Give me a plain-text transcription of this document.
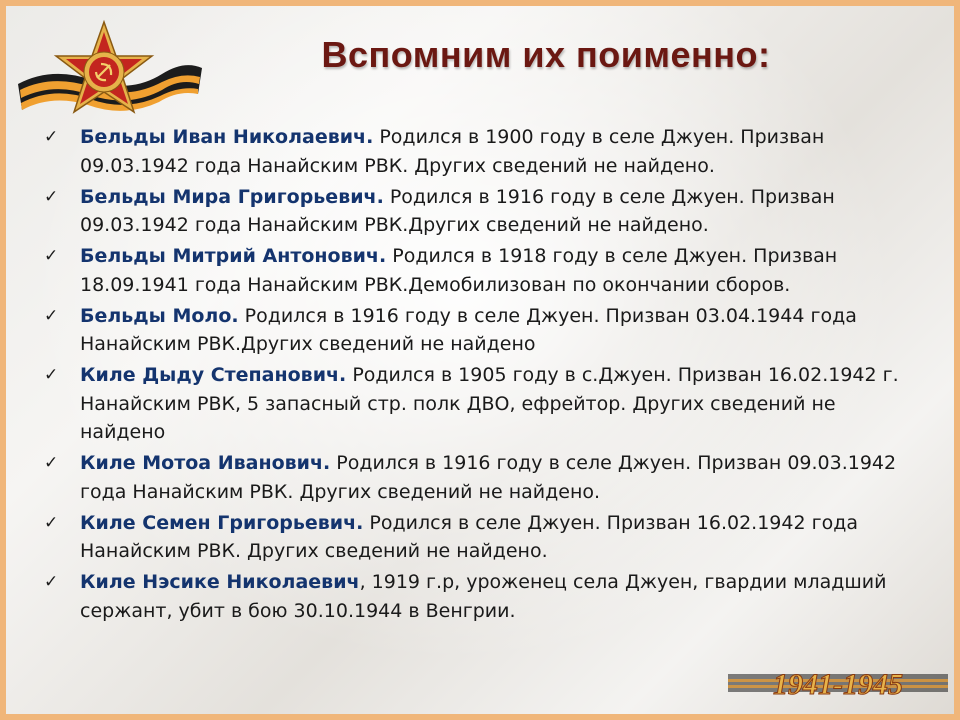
Вспомним их поименно:
✓ Бельды Иван Николаевич. Родился в 1900 году в селе Джуен. Призван 09.03.1942 года Нанайским РВК. Других сведений не найдено.
✓ Бельды Мира Григорьевич. Родился в 1916 году в селе Джуен. Призван 09.03.1942 года Нанайским РВК.Других сведений не найдено.
✓ Бельды Митрий Антонович. Родился в 1918 году в селе Джуен. Призван 18.09.1941 года Нанайским РВК.Демобилизован по окончании сборов.
✓ Бельды Моло. Родился в 1916 году в селе Джуен. Призван 03.04.1944 года Нанайским РВК.Других сведений не найдено
✓ Киле Дыду Степанович. Родился в 1905 году в с.Джуен. Призван 16.02.1942 г. Нанайским РВК, 5 запасный стр. полк ДВО, ефрейтор. Других сведений не найдено
✓ Киле Мотоа Иванович. Родился в 1916 году в селе Джуен. Призван 09.03.1942 года Нанайским РВК. Других сведений не найдено.
✓ Киле Семен Григорьевич. Родился в селе Джуен. Призван 16.02.1942 года Нанайским РВК. Других сведений не найдено.
✓ Киле Нэсике Николаевич, 1919 г.р, уроженец села Джуен, гвардии младший сержант, убит в бою 30.10.1944 в Венгрии.
1941-1945
